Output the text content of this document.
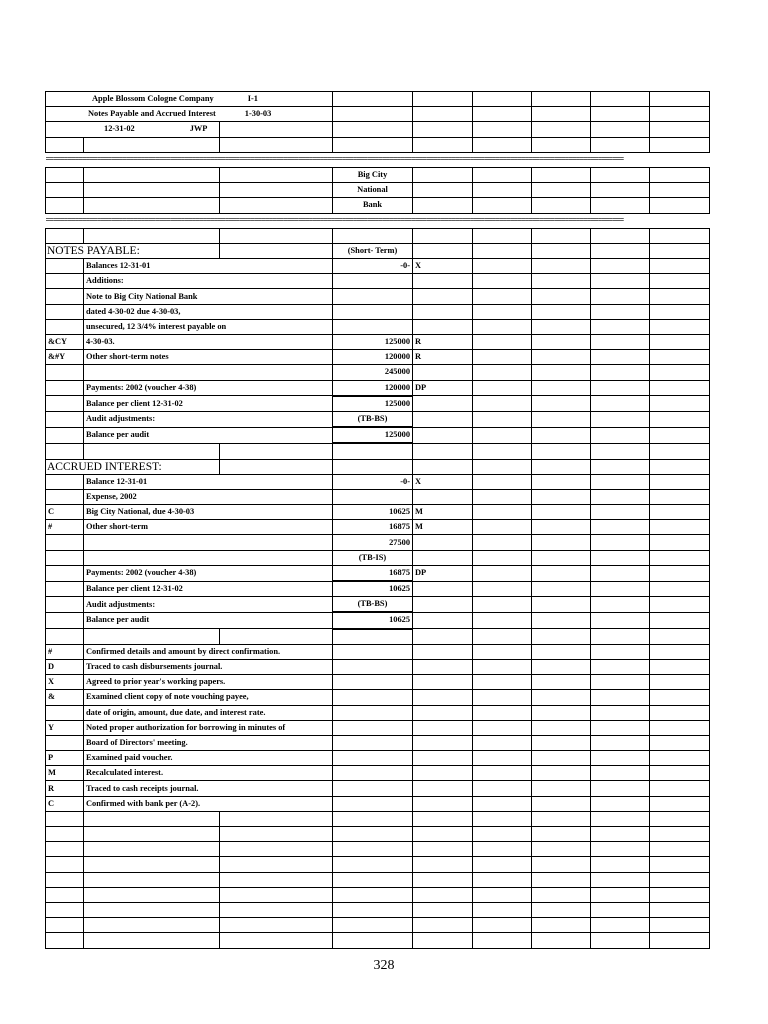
Apple Blossom Cologne Company I-1								
Notes Payable and Accrued Interest 1-30-03								
12-31-02 JWP								

==============================================================================================================================================================								

			Big City					
			National					
			Bank					

==============================================================================================================================================================								

NOTES PAYABLE:			(Short- Term)					
	Balances 12-31-01		-0-	X				
	Additions:							
	Note to Big City National Bank							
	dated 4-30-02 due 4-30-03,							
	unsecured, 12 3/4% interest payable on							
&CY	4-30-03.		125000	R				
&#Y	Other short-term notes		120000	R				
			245000					
	Payments: 2002 (voucher 4-38)		120000	DP				
	Balance per client 12-31-02		125000					
	Audit adjustments:		(TB-BS)					
	Balance per audit		125000					

ACCRUED INTEREST:								
	Balance 12-31-01		-0-	X				
	Expense, 2002							
C	Big City National, due 4-30-03		10625	M				
#	Other short-term		16875	M				
			27500					
			(TB-IS)					
	Payments: 2002 (voucher 4-38)		16875	DP				
	Balance per client 12-31-02		10625					
	Audit adjustments:		(TB-BS)					
	Balance per audit		10625					

#	Confirmed details and amount by direct confirmation.							
D	Traced to cash disbursements journal.							
X	Agreed to prior year's working papers.							
&	Examined client copy of note vouching payee,							
	date of origin, amount, due date, and interest rate.							
Y	Noted proper authorization for borrowing in minutes of							
	Board of Directors' meeting.							
P	Examined paid voucher.							
M	Recalculated interest.							
R	Traced to cash receipts journal.							
C	Confirmed with bank per (A-2).							

328
